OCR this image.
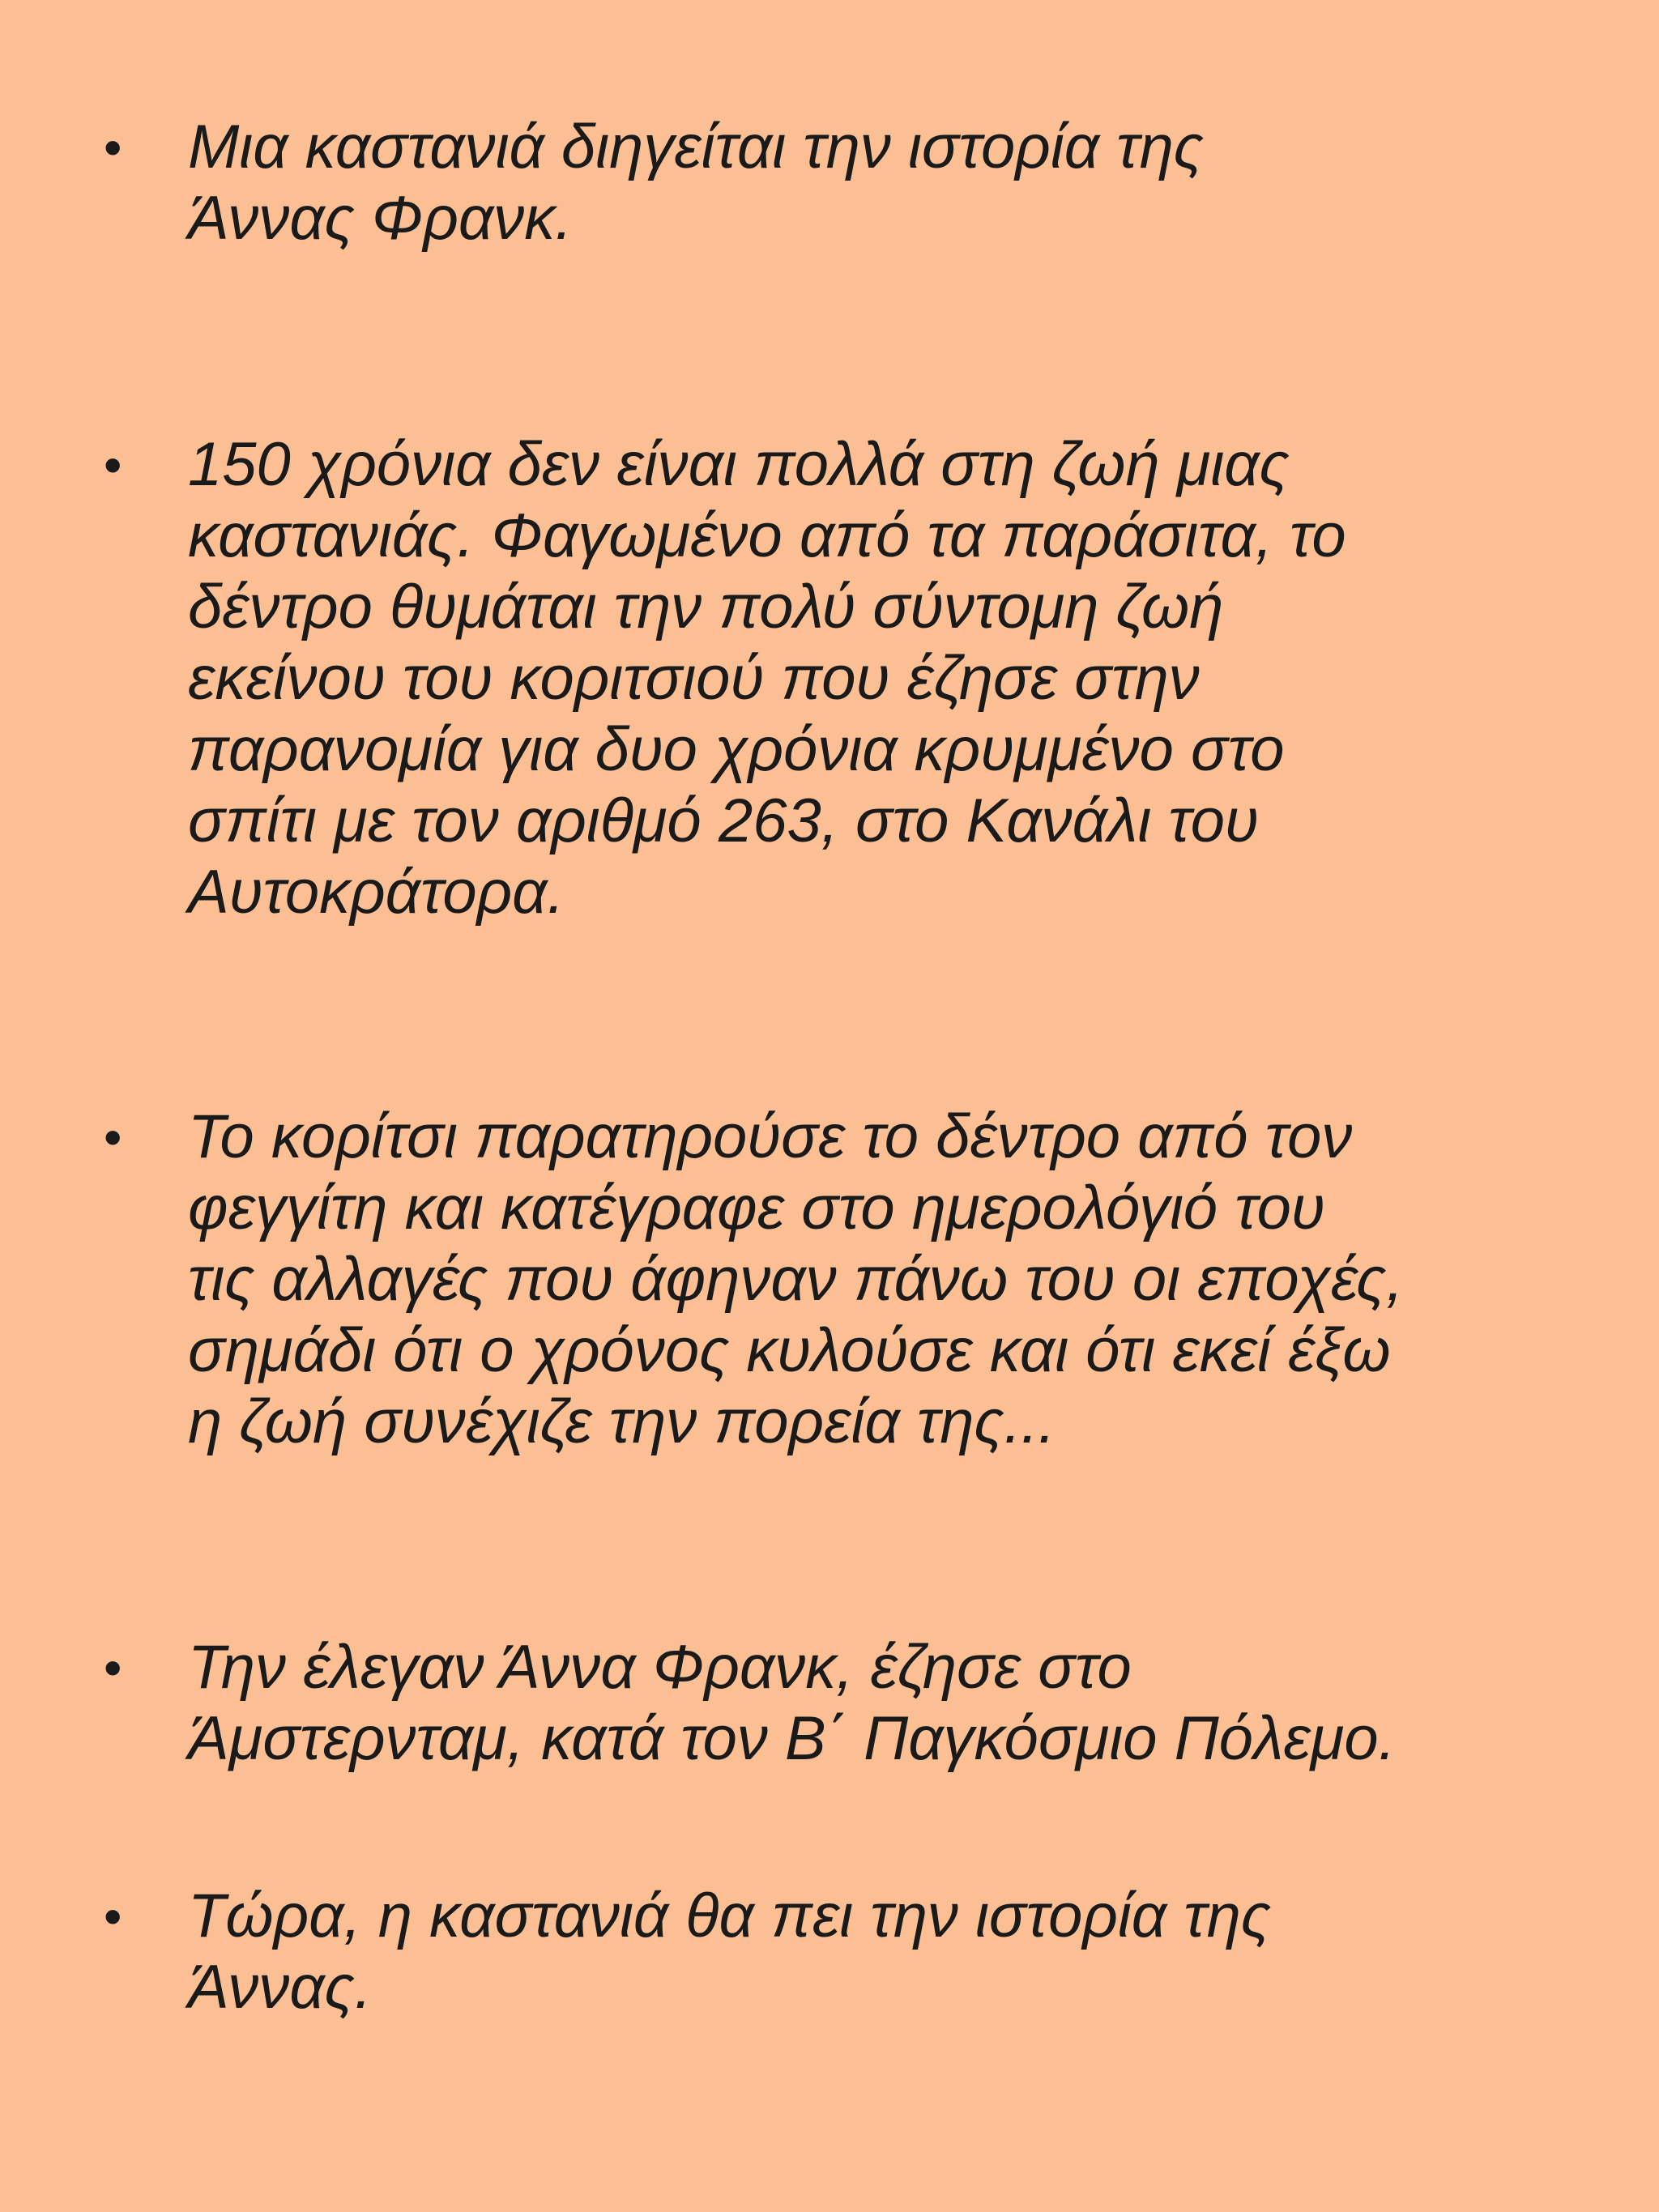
• Μια καστανιά διηγείται την ιστορία της
Άννας Φρανκ.

• 150 χρόνια δεν είναι πολλά στη ζωή μιας
καστανιάς. Φαγωμένο από τα παράσιτα, το
δέντρο θυμάται την πολύ σύντομη ζωή
εκείνου του κοριτσιού που έζησε στην
παρανομία για δυο χρόνια κρυμμένο στο
σπίτι με τον αριθμό 263, στο Κανάλι του
Αυτοκράτορα.

• Το κορίτσι παρατηρούσε το δέντρο από τον
φεγγίτη και κατέγραφε στο ημερολόγιό του
τις αλλαγές που άφηναν πάνω του οι εποχές,
σημάδι ότι ο χρόνος κυλούσε και ότι εκεί έξω
η ζωή συνέχιζε την πορεία της...

• Την έλεγαν Άννα Φρανκ, έζησε στο
Άμστερνταμ, κατά τον Β΄ Παγκόσμιο Πόλεμο.

• Τώρα, η καστανιά θα πει την ιστορία της
Άννας.
